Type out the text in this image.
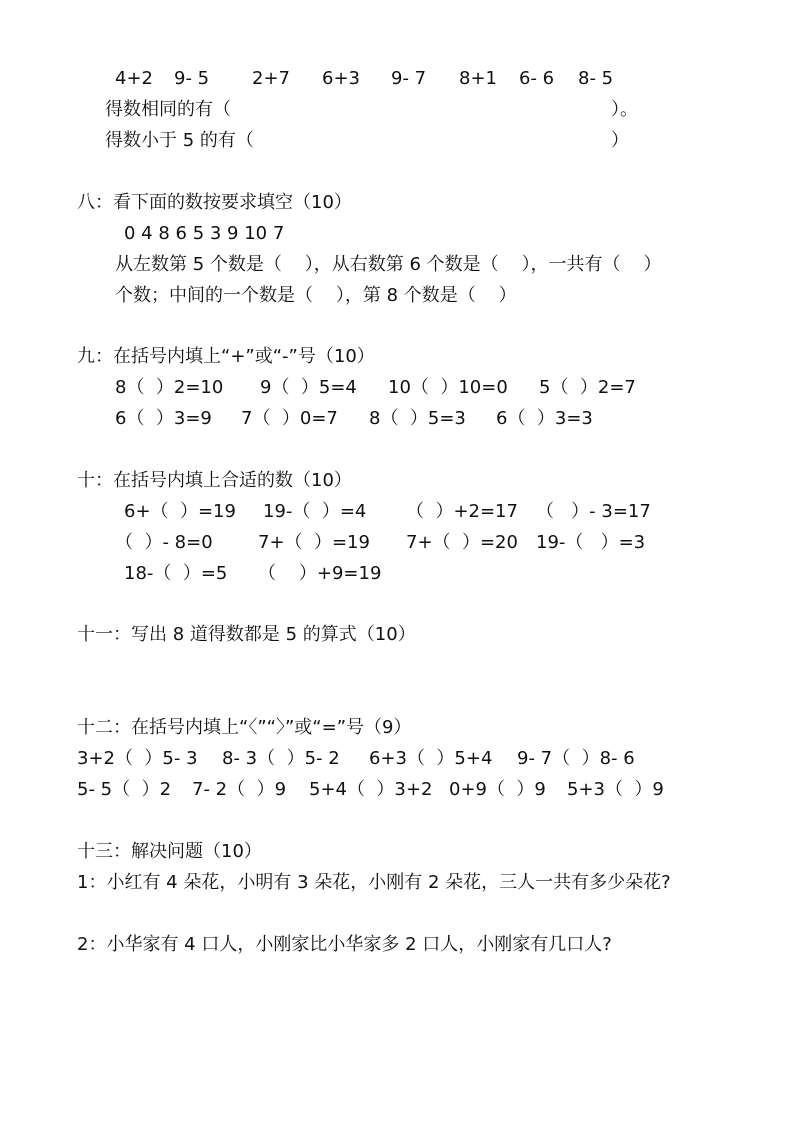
4+2 9- 5 2+7 6+3 9- 7 8+1 6- 6 8- 5
得数相同的有（	）。
得数小于 5 的有（	）
八：看下面的数按要求填空（10）
0 4 8 6 5 3 9 10 7
从左数第 5 个数是（    ），从右数第 6 个数是（    ），一共有（    ）
个数；中间的一个数是（    ），第 8 个数是（    ）
九：在括号内填上“+”或“-”号（10）
8（  ）2=10 9（  ）5=4 10（  ）10=0 5（  ）2=7
6（  ）3=9 7（  ）0=7 8（  ）5=3 6（  ）3=3
十：在括号内填上合适的数（10）
6+（  ）=19 19-（  ）=4 （  ）+2=17 （   ）- 3=17
（  ）- 8=0	7+（  ）=19 7+（  ）=20 19-（   ）=3
18-（  ）=5 （    ）+9=19
十一：写出 8 道得数都是 5 的算式（10）
十二：在括号内填上“〈”“〉”或“=”号（9）
3+2（  ）5- 3 8- 3（  ）5- 2 6+3（  ）5+4 9- 7（  ）8- 6
5- 5（  ）2 7- 2（  ）9 5+4（  ）3+2 0+9（  ）9 5+3（  ）9
十三：解决问题（10）
1：小红有 4 朵花，小明有 3 朵花，小刚有 2 朵花，三人一共有多少朵花?
2：小华家有 4 口人，小刚家比小华家多 2 口人，小刚家有几口人?
